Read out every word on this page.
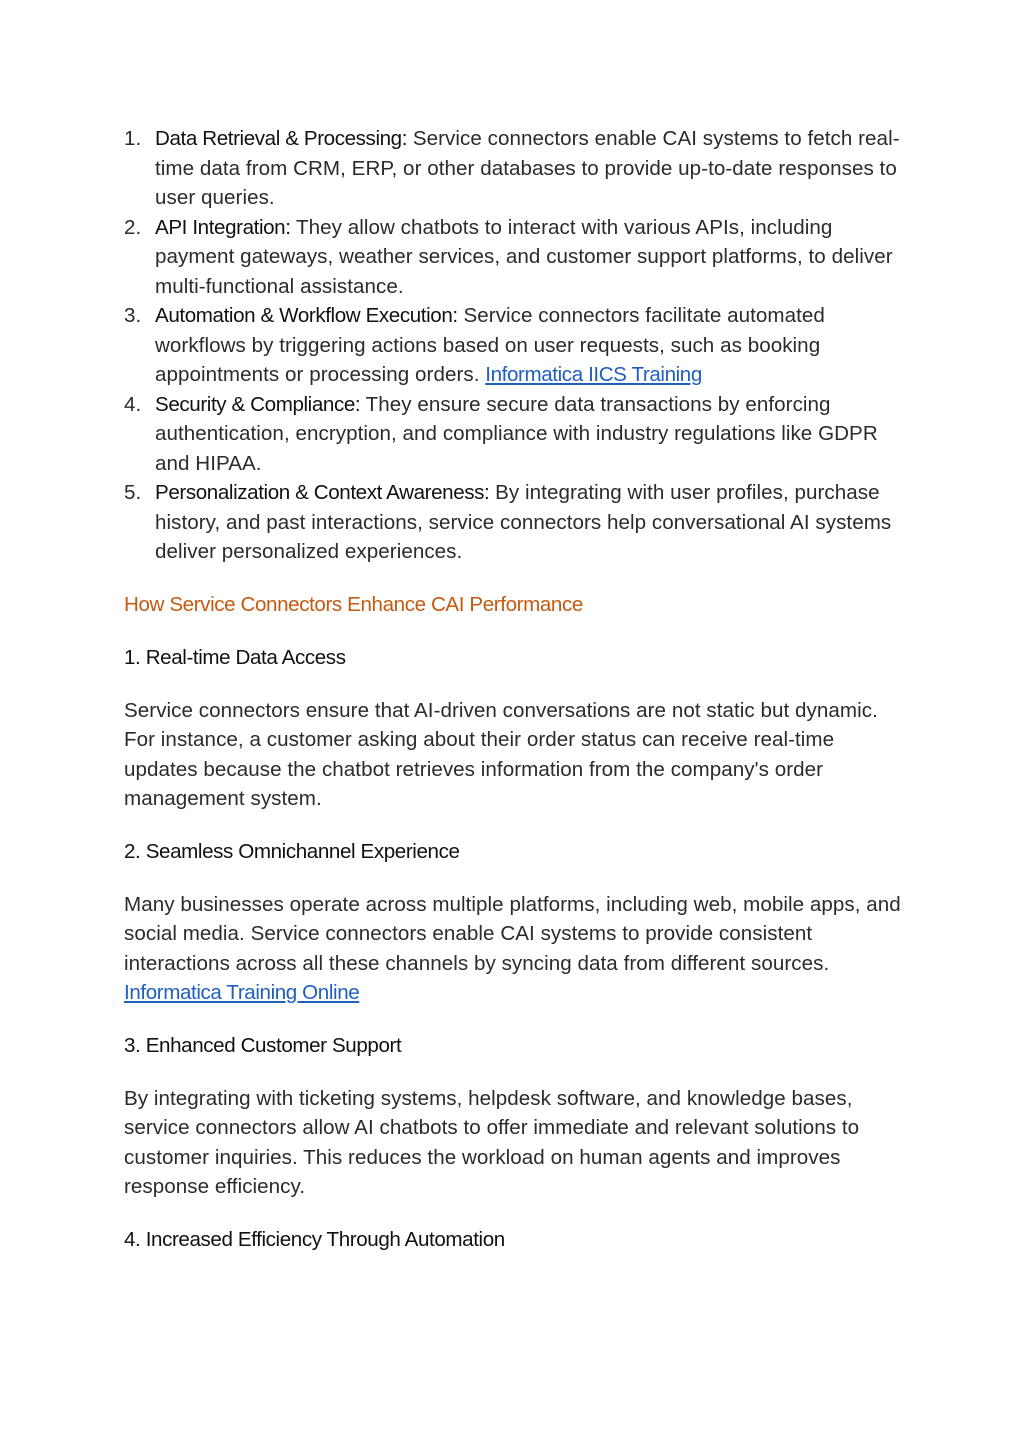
1. Data Retrieval & Processing: Service connectors enable CAI systems to fetch real-time data from CRM, ERP, or other databases to provide up-to-date responses to user queries.
2. API Integration: They allow chatbots to interact with various APIs, including payment gateways, weather services, and customer support platforms, to deliver multi-functional assistance.
3. Automation & Workflow Execution: Service connectors facilitate automated workflows by triggering actions based on user requests, such as booking appointments or processing orders. Informatica IICS Training
4. Security & Compliance: They ensure secure data transactions by enforcing authentication, encryption, and compliance with industry regulations like GDPR and HIPAA.
5. Personalization & Context Awareness: By integrating with user profiles, purchase history, and past interactions, service connectors help conversational AI systems deliver personalized experiences.
How Service Connectors Enhance CAI Performance
1. Real-time Data Access

Service connectors ensure that AI-driven conversations are not static but dynamic. For instance, a customer asking about their order status can receive real-time updates because the chatbot retrieves information from the company's order management system.

2. Seamless Omnichannel Experience

Many businesses operate across multiple platforms, including web, mobile apps, and social media. Service connectors enable CAI systems to provide consistent interactions across all these channels by syncing data from different sources. Informatica Training Online

3. Enhanced Customer Support

By integrating with ticketing systems, helpdesk software, and knowledge bases, service connectors allow AI chatbots to offer immediate and relevant solutions to customer inquiries. This reduces the workload on human agents and improves response efficiency.

4. Increased Efficiency Through Automation
